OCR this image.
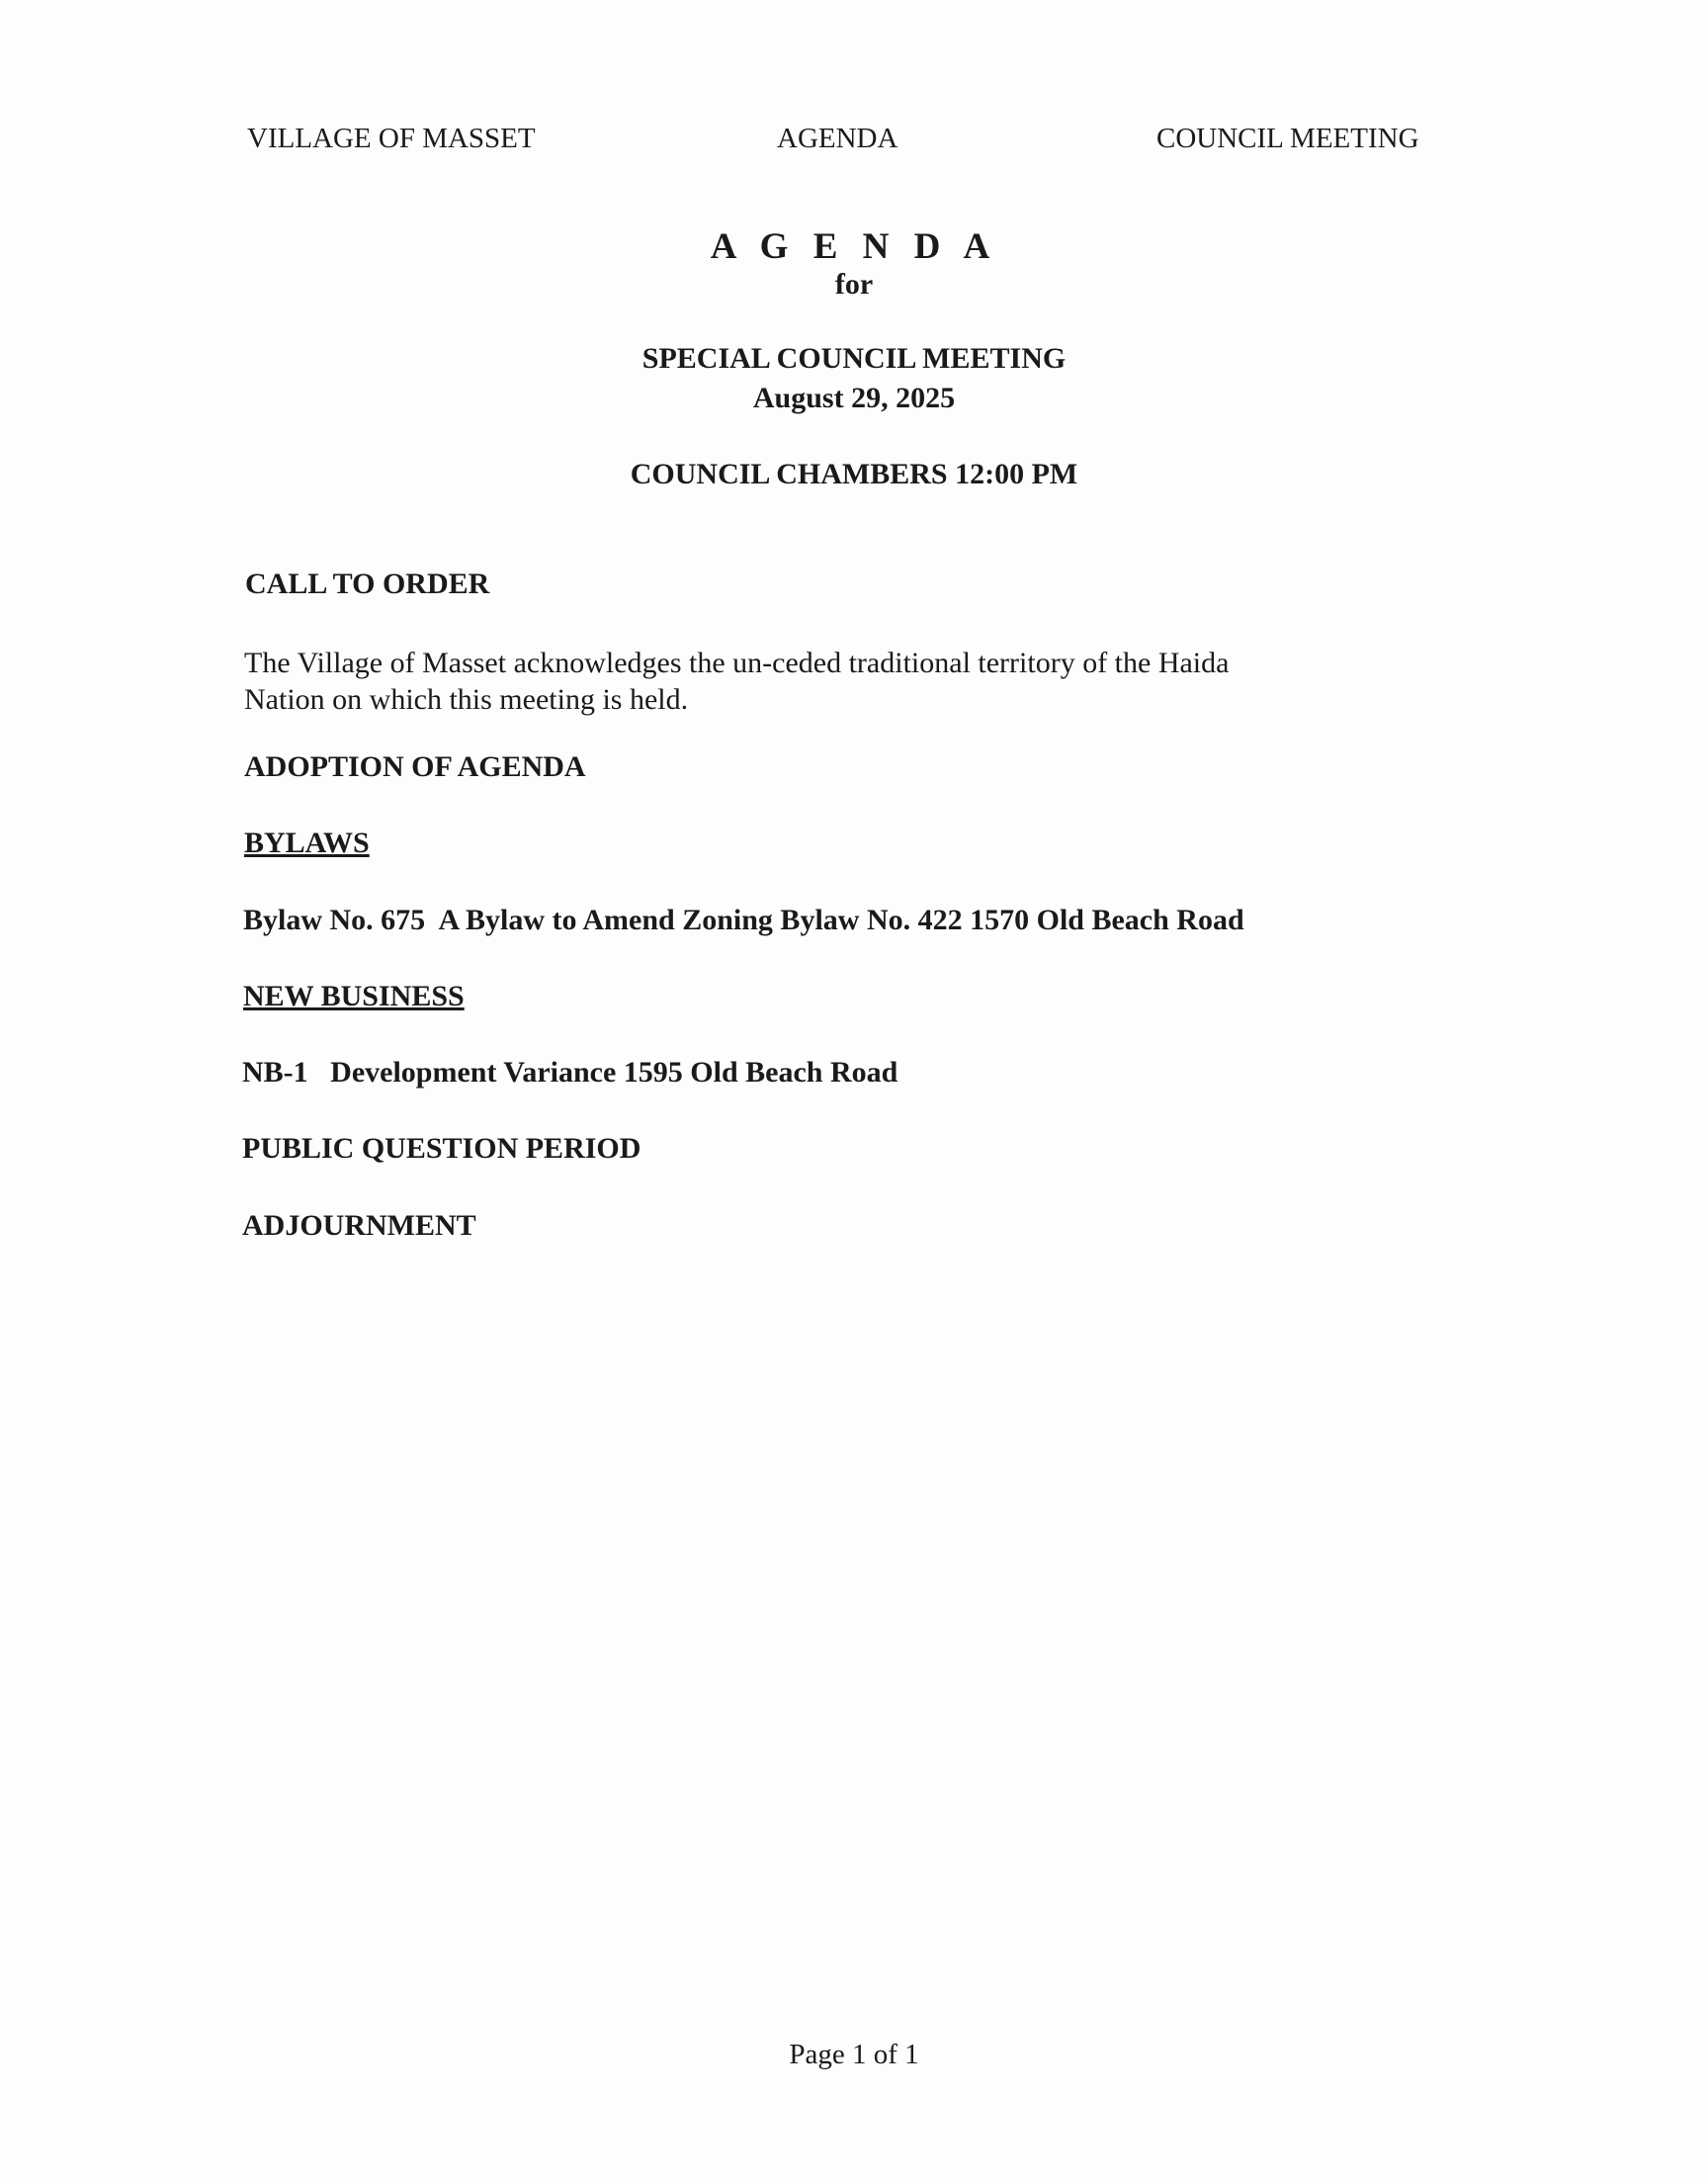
VILLAGE OF MASSET	AGENDA	COUNCIL MEETING
A G E N D A
for
SPECIAL COUNCIL MEETING
August 29, 2025
COUNCIL CHAMBERS 12:00 PM
CALL TO ORDER
The Village of Masset acknowledges the un-ceded traditional territory of the Haida
Nation on which this meeting is held.
ADOPTION OF AGENDA
BYLAWS
Bylaw No. 675  A Bylaw to Amend Zoning Bylaw No. 422 1570 Old Beach Road
NEW BUSINESS
NB-1   Development Variance 1595 Old Beach Road
PUBLIC QUESTION PERIOD
ADJOURNMENT
Page 1 of 1
